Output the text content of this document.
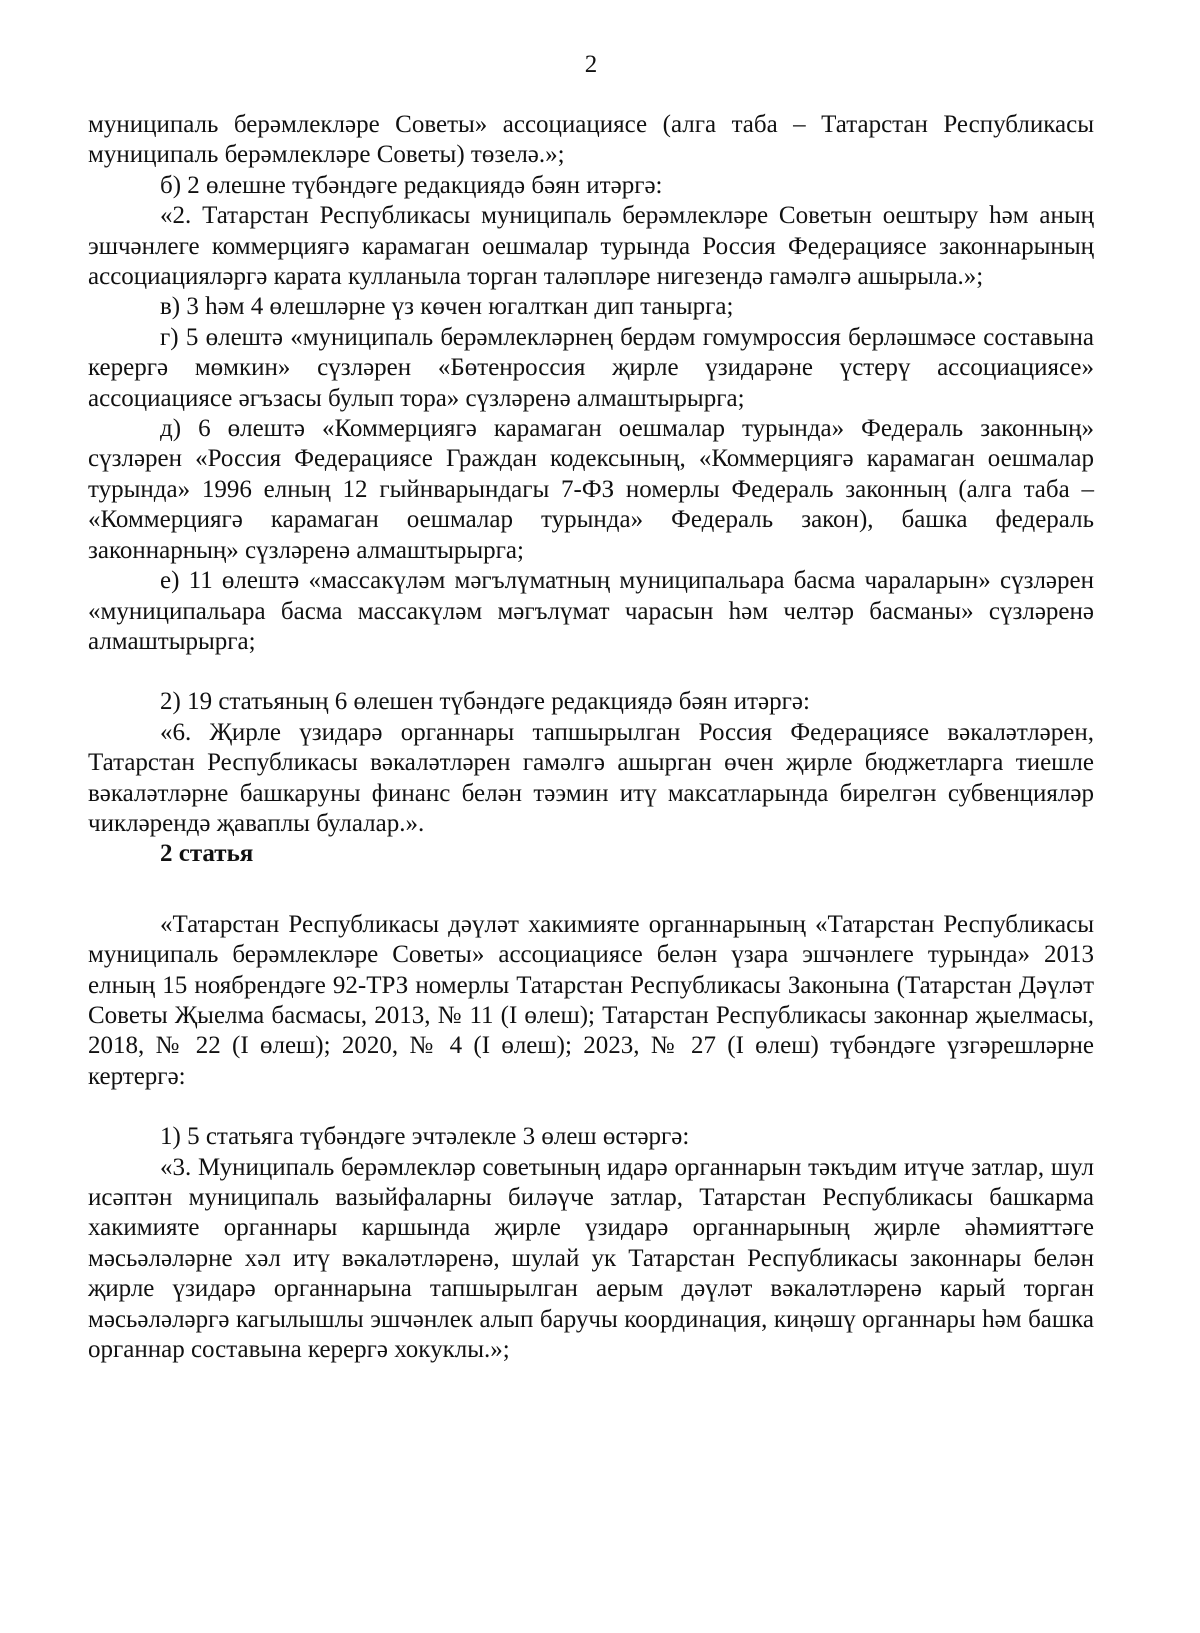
2

муниципаль берәмлекләре Советы» ассоциациясе (алга таба – Татарстан Республикасы муниципаль берәмлекләре Советы) төзелә.»;

б) 2 өлешне түбәндәге редакциядә бәян итәргә:

«2. Татарстан Республикасы муниципаль берәмлекләре Советын оештыру һәм аның эшчәнлеге коммерциягә карамаган оешмалар турында Россия Федерациясе законнарының ассоциацияләргә карата кулланыла торган таләпләре нигезендә гамәлгә ашырыла.»;

в) 3 һәм 4 өлешләрне үз көчен югалткан дип танырга;

г) 5 өлештә «муниципаль берәмлекләрнең бердәм гомумроссия берләшмәсе составына керергә мөмкин» сүзләрен «Бөтенроссия җирле үзидарәне үстерү ассоциациясе» ассоциациясе әгъзасы булып тора» сүзләренә алмаштырырга;

д) 6 өлештә «Коммерциягә карамаган оешмалар турында» Федераль законның» сүзләрен «Россия Федерациясе Граждан кодексының, «Коммерциягә карамаган оешмалар турында» 1996 елның 12 гыйнварындагы 7-ФЗ номерлы Федераль законның (алга таба – «Коммерциягә карамаган оешмалар турында» Федераль закон), башка федераль законнарның» сүзләренә алмаштырырга;

е) 11 өлештә «массакүләм мәгълүматның муниципальара басма чараларын» сүзләрен «муниципальара басма массакүләм мәгълүмат чарасын һәм челтәр басманы» сүзләренә алмаштырырга;

2) 19 статьяның 6 өлешен түбәндәге редакциядә бәян итәргә:

«6. Җирле үзидарә органнары тапшырылган Россия Федерациясе вәкаләтләрен, Татарстан Республикасы вәкаләтләрен гамәлгә ашырган өчен җирле бюджетларга тиешле вәкаләтләрне башкаруны финанс белән тәэмин итү максатларында бирелгән субвенцияләр чикләрендә җаваплы булалар.».

2 статья

«Татарстан Республикасы дәүләт хакимияте органнарының «Татарстан Республикасы муниципаль берәмлекләре Советы» ассоциациясе белән үзара эшчәнлеге турында» 2013 елның 15 ноябрендәге 92-ТРЗ номерлы Татарстан Республикасы Законына (Татарстан Дәүләт Советы Җыелма басмасы, 2013, № 11 (I өлеш); Татарстан Республикасы законнар җыелмасы, 2018, № 22 (I өлеш); 2020, № 4 (I өлеш); 2023, № 27 (I өлеш) түбәндәге үзгәрешләрне кертергә:

1) 5 статьяга түбәндәге эчтәлекле 3 өлеш өстәргә:

«3. Муниципаль берәмлекләр советының идарә органнарын тәкъдим итүче затлар, шул исәптән муниципаль вазыйфаларны биләүче затлар, Татарстан Республикасы башкарма хакимияте органнары каршында җирле үзидарә органнарының җирле әһәмияттәге мәсьәләләрне хәл итү вәкаләтләренә, шулай ук Татарстан Республикасы законнары белән җирле үзидарә органнарына тапшырылган аерым дәүләт вәкаләтләренә карый торган мәсьәләләргә кагылышлы эшчәнлек алып баручы координация, киңәшү органнары һәм башка органнар составына керергә хокуклы.»;
